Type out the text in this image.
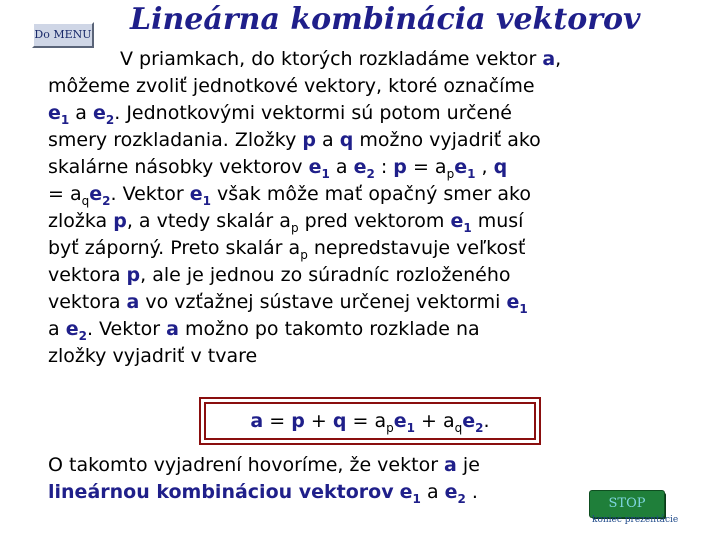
Do MENU Lineárna kombinácia vektorov

V priamkach, do ktorých rozkladáme vektor a,

môžeme zvoliť jednotkové vektory, ktoré označíme

$e_1$ a $e_2$. Jednotkovými vektormi sú potom určené

smery rozkladania. Zložky p a q možno vyjadriť ako

skalárne násobky vektorov $e_1$ a $e_2$ : $p = a_pe_1$ , q

= $a_qe_2$. Vektor $e_1$ však môže mať opačný smer ako

zložka p, a vtedy skalár $a_p$ pred vektorom $e_1$ musí

byť záporný. Preto skalár $a_p$ nepredstavuje veľkosť

vektora p, ale je jednou zo súradníc rozloženého

vektora a vo vzťažnej sústave určenej vektormi $e_1$

a $e_2$. Vektor a možno po takomto rozklade na

zložky vyjadriť v tvare

$a = p + q = a_pe_1 + a_qe_2$.
O takomto vyjadrení hovoríme, že vektor a je
lineárnou kombináciou vektorov $e_1$ a $e_2$ .
STOP
koniec prezentácie
